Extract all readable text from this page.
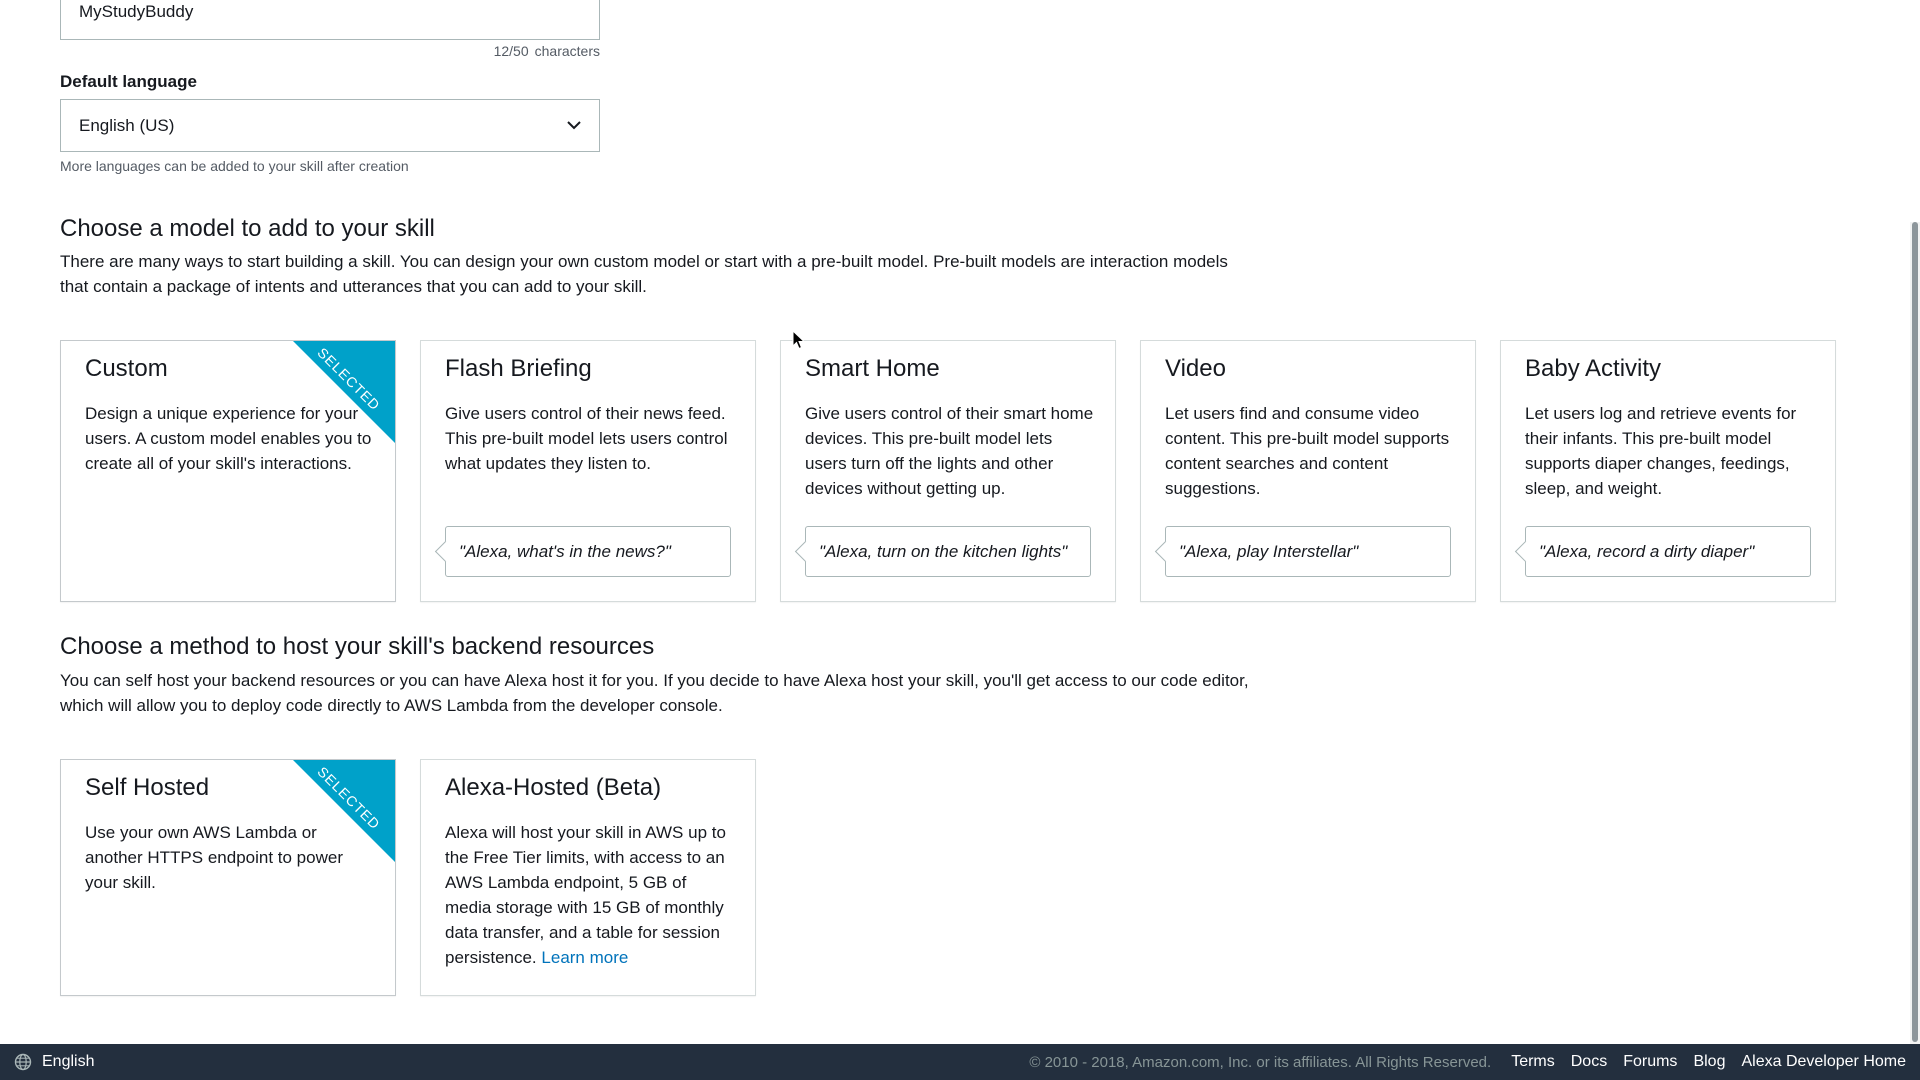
MyStudyBuddy
12/50 characters
Default language
English (US)
More languages can be added to your skill after creation
Choose a model to add to your skill

There are many ways to start building a skill. You can design your own custom model or start with a pre-built model. Pre-built models are interaction models that contain a package of intents and utterances that you can add to your skill.

Custom
Design a unique experience for your users. A custom model enables you to create all of your skill's interactions.
SELECTED	Flash Briefing
Give users control of their news feed. This pre-built model lets users control what updates they listen to.
"Alexa, what's in the news?"
Smart Home
Give users control of their smart home devices. This pre-built model lets users turn off the lights and other devices without getting up.
"Alexa, turn on the kitchen lights"
Video
Let users find and consume video content. This pre-built model supports content searches and content suggestions.
"Alexa, play Interstellar"
Baby Activity
Let users log and retrieve events for their infants. This pre-built model supports diaper changes, feedings, sleep, and weight.
"Alexa, record a dirty diaper"
Choose a method to host your skill's backend resources

You can self host your backend resources or you can have Alexa host it for you. If you decide to have Alexa host your skill, you'll get access to our code editor, which will allow you to deploy code directly to AWS Lambda from the developer console.

Self Hosted
Use your own AWS Lambda or another HTTPS endpoint to power your skill.
SELECTED	Alexa-Hosted (Beta)
Alexa will host your skill in AWS up to the Free Tier limits, with access to an AWS Lambda endpoint, 5 GB of media storage with 15 GB of monthly data transfer, and a table for session persistence. Learn more
English	© 2010 - 2018, Amazon.com, Inc. or its affiliates. All Rights Reserved. Terms Docs Forums Blog Alexa Developer Home
